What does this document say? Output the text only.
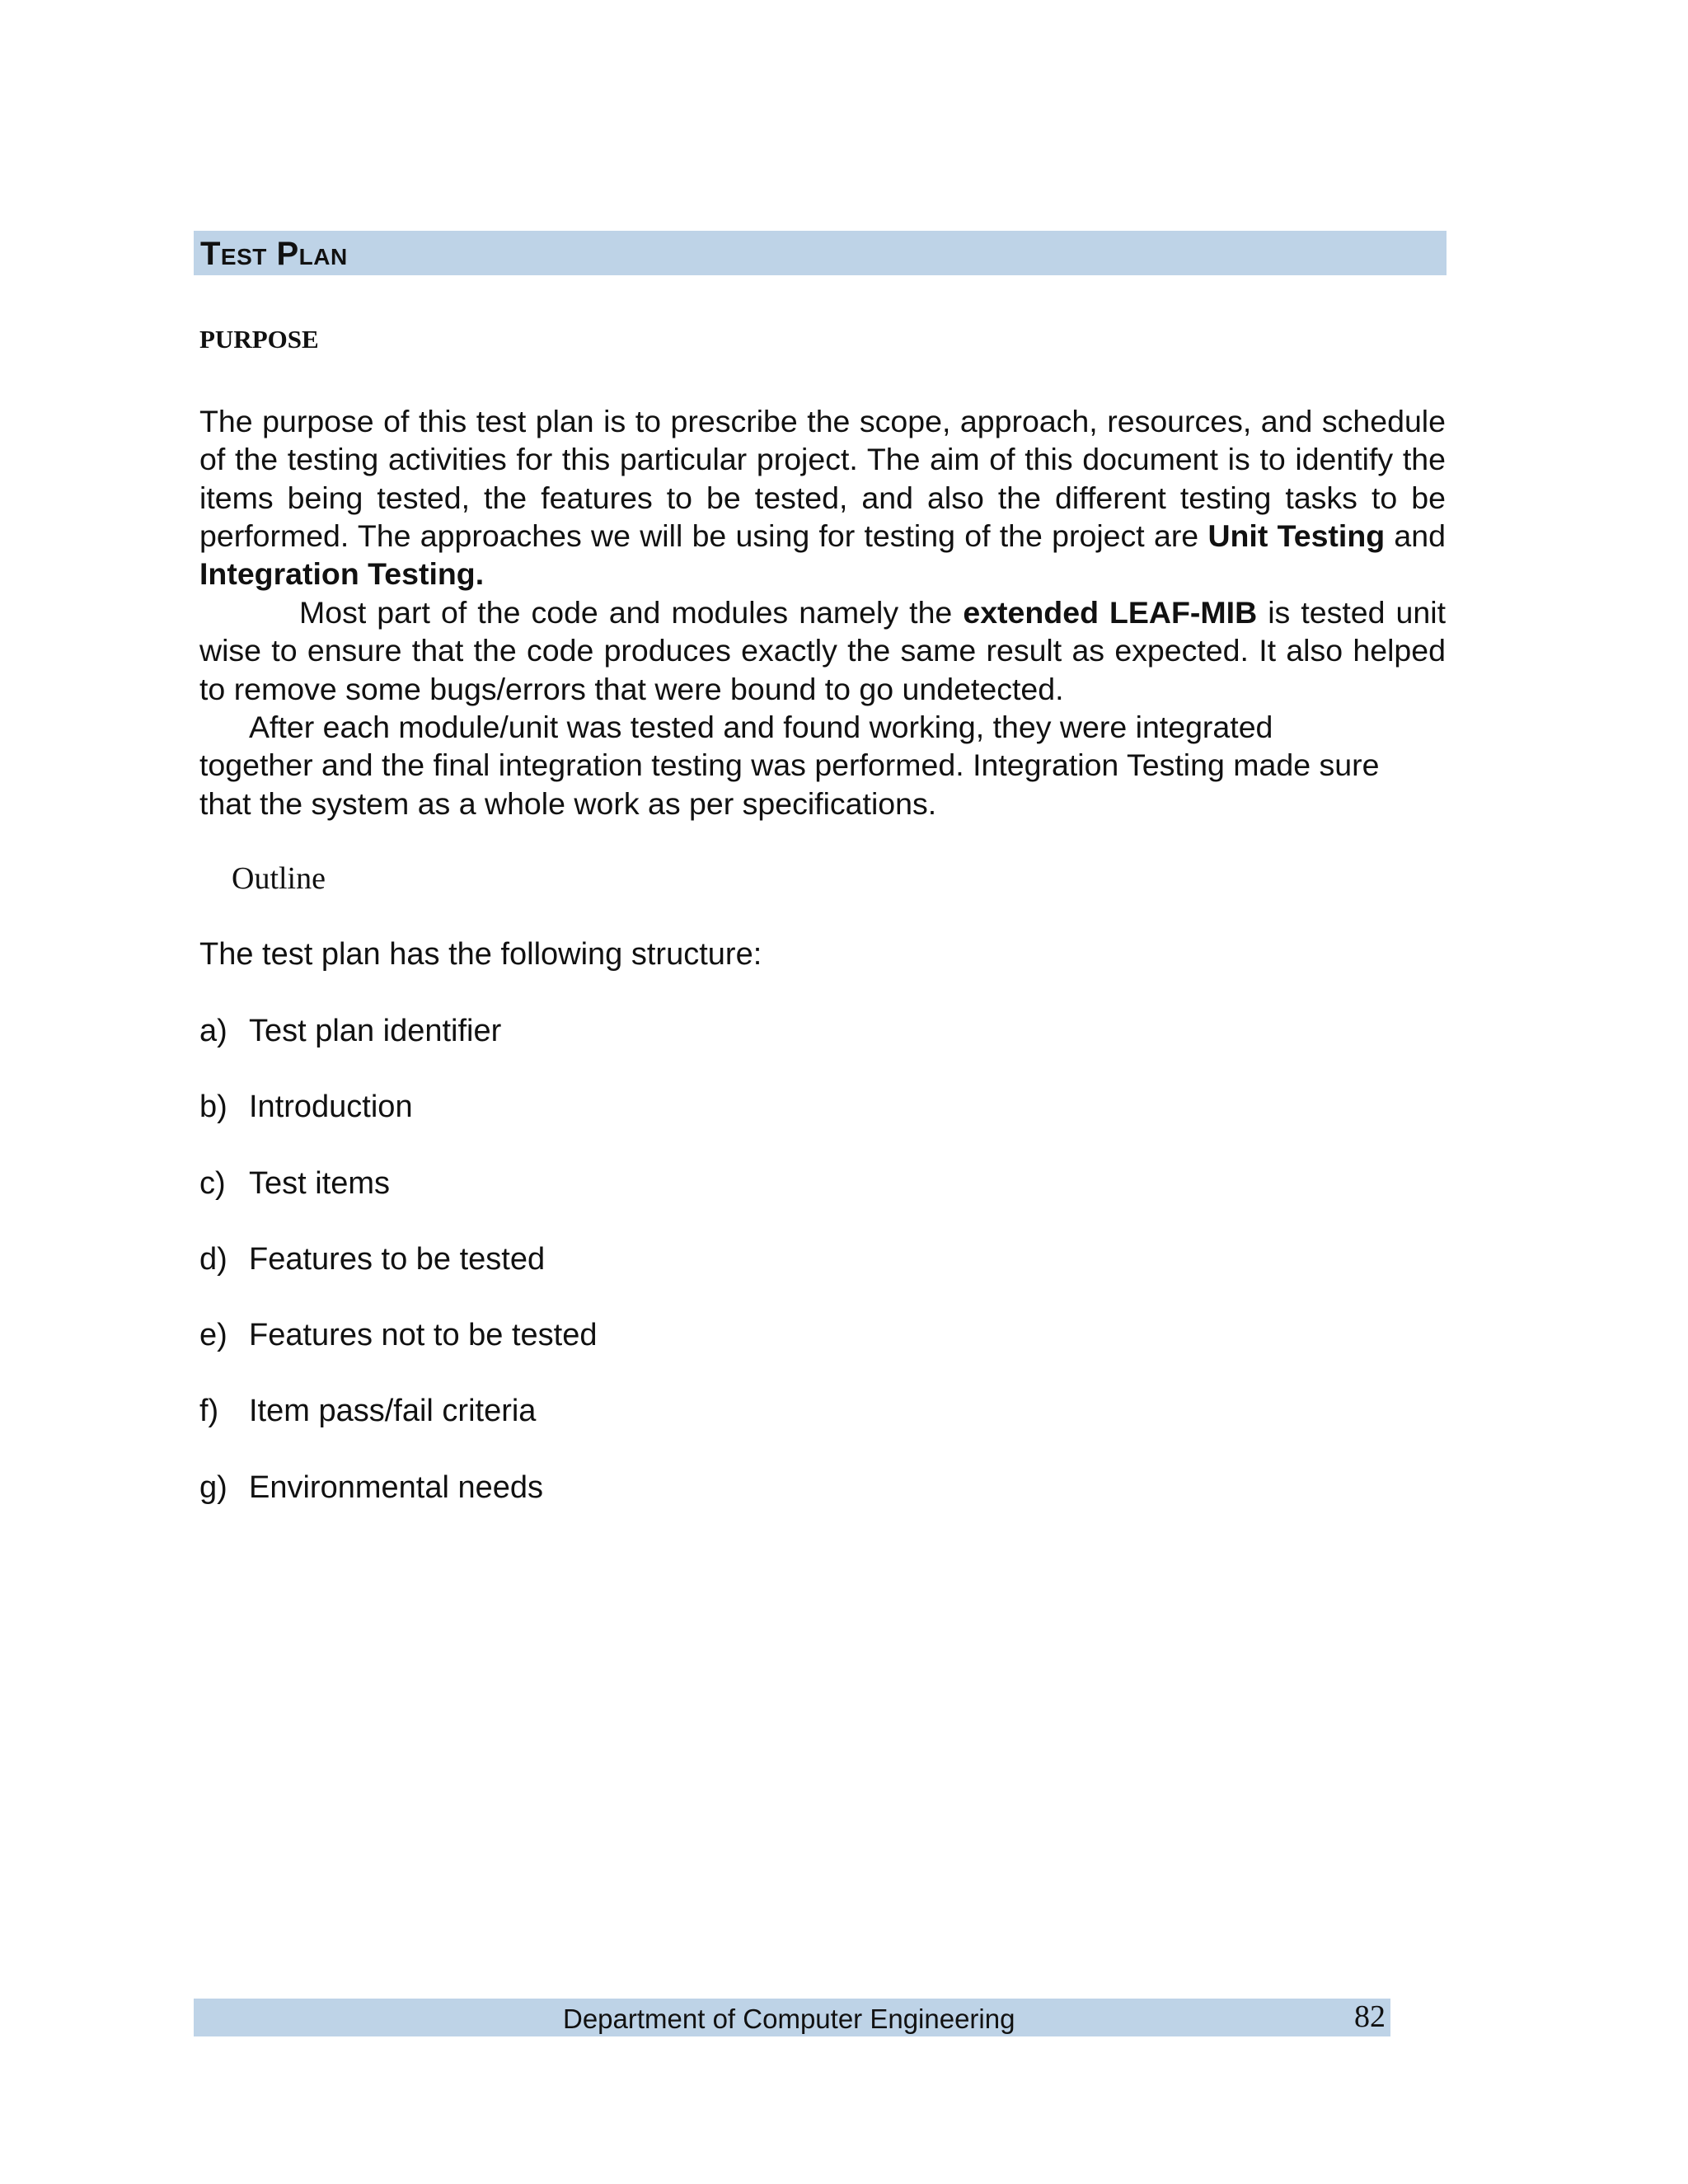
Test Plan
PURPOSE

The purpose of this test plan is to prescribe the scope, approach, resources, and schedule of the testing activities for this particular project. The aim of this document is to identify the items being tested, the features to be tested, and also the different testing tasks to be performed. The approaches we will be using for testing of the project are Unit Testing and Integration Testing.

Most part of the code and modules namely the extended LEAF-MIB is tested unit wise to ensure that the code produces exactly the same result as expected. It also helped to remove some bugs/errors that were bound to go undetected.

After each module/unit was tested and found working, they were integrated together and the final integration testing was performed. Integration Testing made sure that the system as a whole work as per specifications.

Outline
The test plan has the following structure:
a) Test plan identifier
b) Introduction
c) Test items
d) Features to be tested
e) Features not to be tested
f) Item pass/fail criteria
g) Environmental needs
Department of Computer Engineering	82
